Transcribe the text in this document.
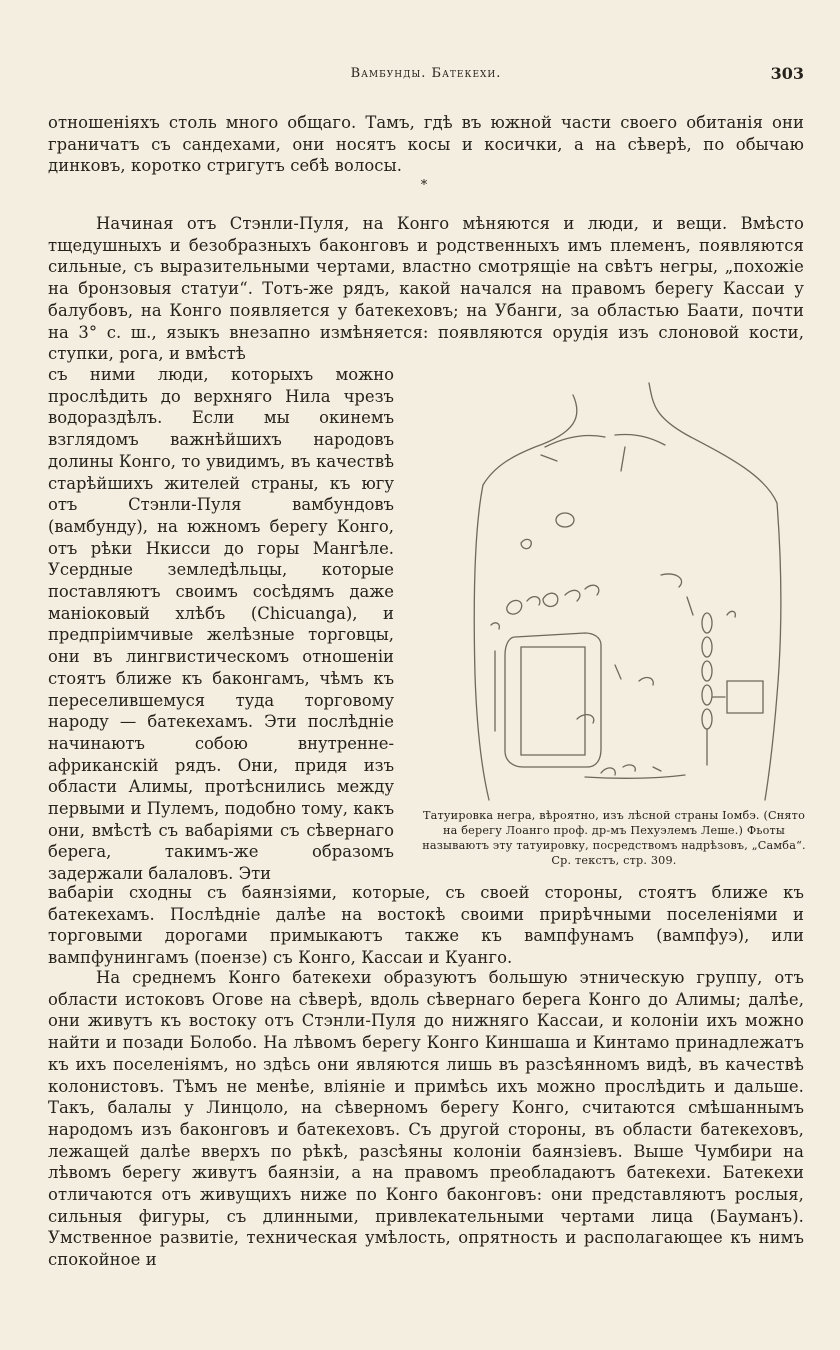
Вамбунды. Батекехи.	303

отношеніяхъ столь много общаго. Тамъ, гдѣ въ южной части своего обитанія они граничатъ съ сандехами, они носятъ косы и косички, а на сѣверѣ, по обычаю динковъ, коротко стригутъ себѣ волосы.

*

Начиная отъ Стэнли-Пуля, на Конго мѣняются и люди, и вещи. Вмѣсто тщедушныхъ и безобразныхъ баконговъ и родственныхъ имъ племенъ, появляются сильные, съ выразительными чертами, властно смотрящіе на свѣтъ негры, „похожіе на бронзовыя статуи“. Тотъ-же рядъ, какой начался на правомъ берегу Кассаи у балубовъ, на Конго появляется у батекеховъ; на Убанги, за областью Баати, почти на 3° с. ш., языкъ внезапно измѣняется: появляются орудія изъ слоновой кости, ступки, рога, и вмѣстѣ

съ ними люди, которыхъ можно прослѣдить до верхняго Нила чрезъ водораздѣлъ. Если мы окинемъ взглядомъ важнѣйшихъ народовъ долины Конго, то увидимъ, въ качествѣ старѣйшихъ жителей страны, къ югу отъ Стэнли-Пуля вамбундовъ (вамбунду), на южномъ берегу Конго, отъ рѣки Нкисси до горы Мангѣле. Усердные земледѣльцы, которые поставляютъ своимъ сосѣдямъ даже маніоковый хлѣбъ (Chicuanga), и предпріимчивые желѣзные торговцы, они въ лингвистическомъ отношеніи стоятъ ближе къ баконгамъ, чѣмъ къ переселившемуся туда торговому народу — батекехамъ. Эти послѣдніе начинаютъ собою внутренне-африканскій рядъ. Они, придя изъ области Алимы, протѣснились между первыми и Пулемъ, подобно тому, какъ они, вмѣстѣ съ вабаріями съ сѣвернаго берега, такимъ-же образомъ задержали балаловъ. Эти

Татуировка негра, вѣроятно, изъ лѣсной страны Іомбэ. (Снято на берегу Лоанго проф. др-мъ Пехуэлемъ Леше.) Фьоты называютъ эту татуировку, посредствомъ надрѣзовъ, „Самба“. Ср. текстъ, стр. 309.

вабаріи сходны съ баянзіями, которые, съ своей стороны, стоятъ ближе къ батекехамъ. Послѣдніе далѣе на востокѣ своими прирѣчными поселеніями и торговыми дорогами примыкаютъ также къ вампфунамъ (вампфуэ), или вампфунингамъ (поензе) съ Конго, Кассаи и Куанго.

На среднемъ Конго батекехи образуютъ большую этническую группу, отъ области истоковъ Огове на сѣверѣ, вдоль сѣвернаго берега Конго до Алимы; далѣе, они живутъ къ востоку отъ Стэнли-Пуля до нижняго Кассаи, и колоніи ихъ можно найти и позади Болобо. На лѣвомъ берегу Конго Киншаша и Кинтамо принадлежатъ къ ихъ поселеніямъ, но здѣсь они являются лишь въ разсѣянномъ видѣ, въ качествѣ колонистовъ. Тѣмъ не менѣе, вліяніе и примѣсь ихъ можно прослѣдить и дальше. Такъ, балалы у Линцоло, на сѣверномъ берегу Конго, считаются смѣшаннымъ народомъ изъ баконговъ и батекеховъ. Съ другой стороны, въ области батекеховъ, лежащей далѣе вверхъ по рѣкѣ, разсѣяны колоніи баянзіевъ. Выше Чумбири на лѣвомъ берегу живутъ баянзіи, а на правомъ преобладаютъ батекехи. Батекехи отличаются отъ живущихъ ниже по Конго баконговъ: они представляютъ рослыя, сильныя фигуры, съ длинными, привлекательными чертами лица (Бауманъ). Умственное развитіе, техническая умѣлость, опрятность и располагающее къ нимъ спокойное и
